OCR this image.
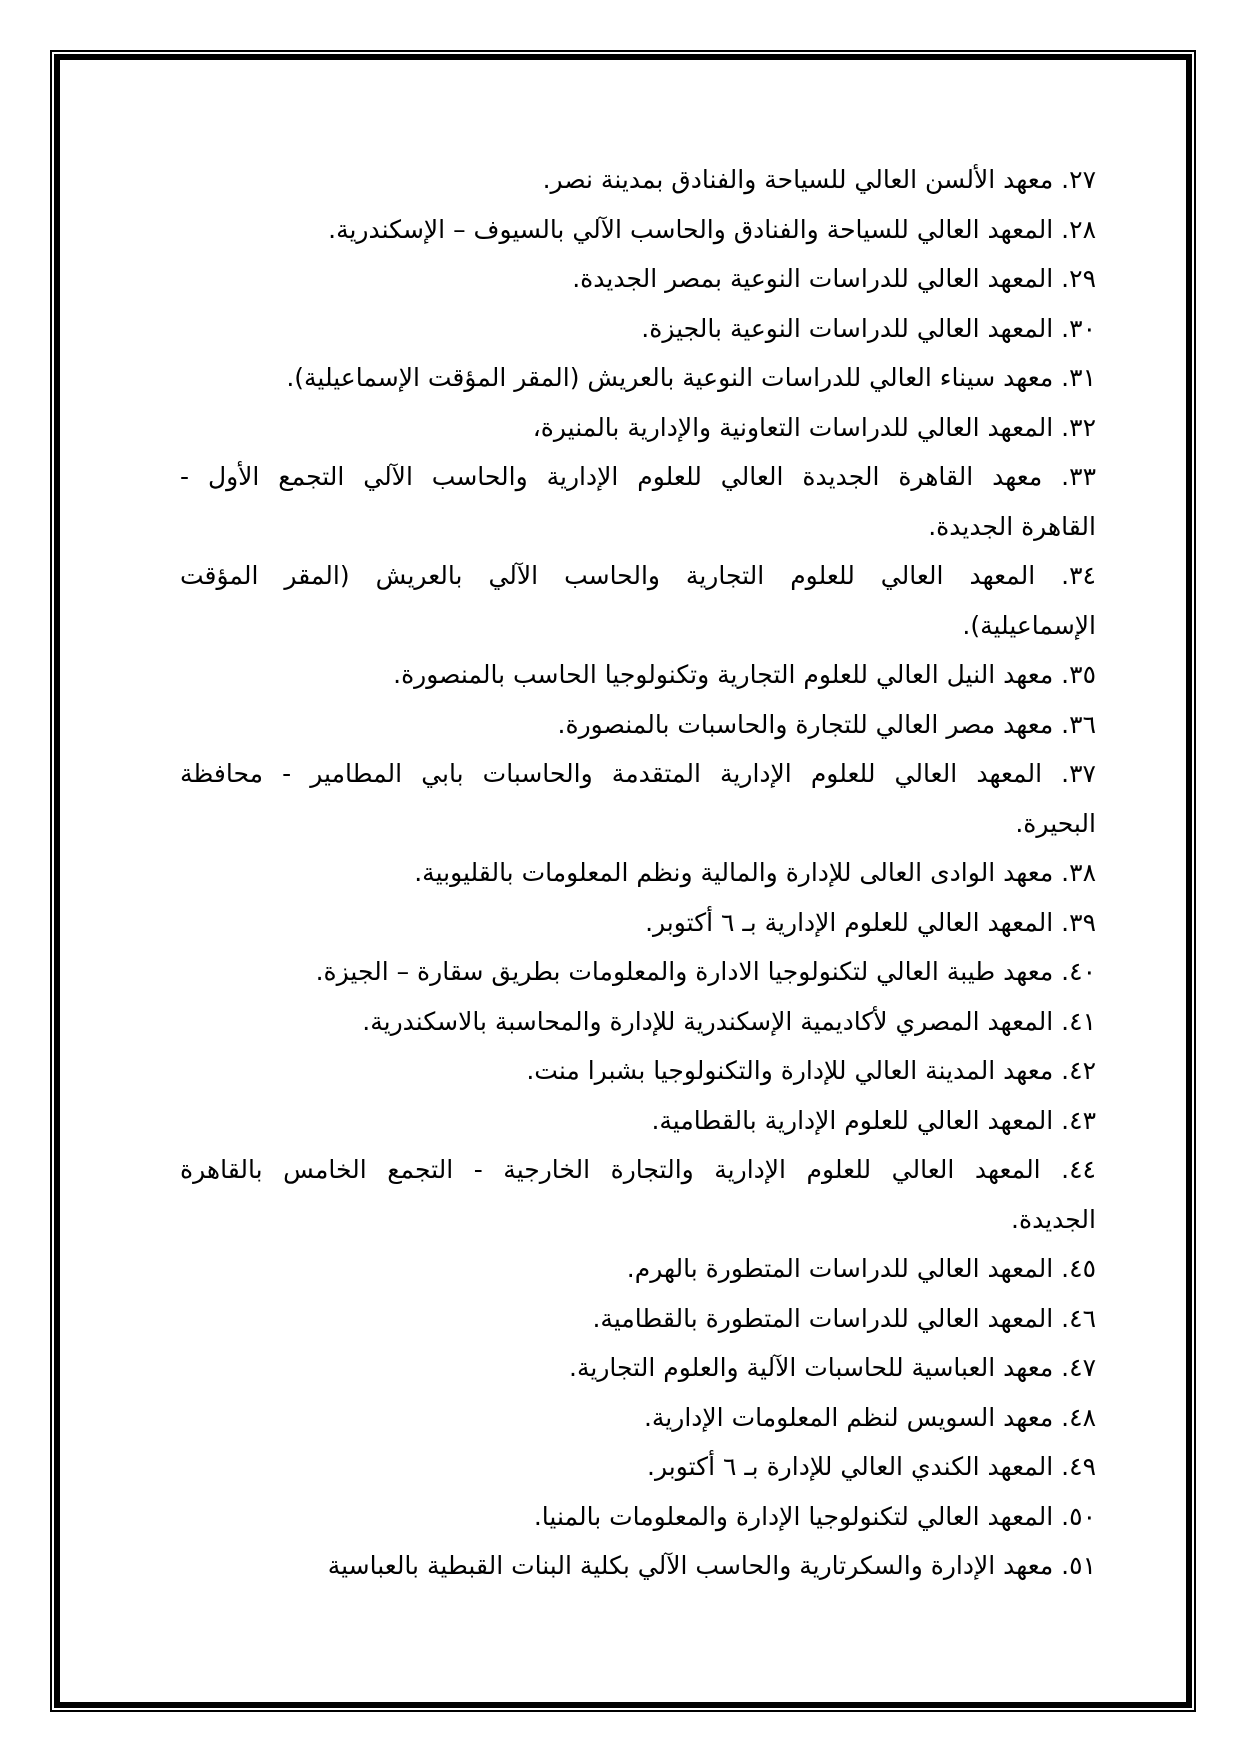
٢٧. معهد الألسن العالي للسياحة والفنادق بمدينة نصر.
٢٨. المعهد العالي للسياحة والفنادق والحاسب الآلي بالسيوف – الإسكندرية.
٢٩. المعهد العالي للدراسات النوعية بمصر الجديدة.
٣٠. المعهد العالي للدراسات النوعية بالجيزة.
٣١. معهد سيناء العالي للدراسات النوعية بالعريش (المقر المؤقت الإسماعيلية).
٣٢. المعهد العالي للدراسات التعاونية والإدارية بالمنيرة،
٣٣. معهد القاهرة الجديدة العالي للعلوم الإدارية والحاسب الآلي التجمع الأول -
القاهرة الجديدة.
٣٤. المعهد العالي للعلوم التجارية والحاسب الآلي بالعريش (المقر المؤقت
الإسماعيلية).
٣٥. معهد النيل العالي للعلوم التجارية وتكنولوجيا الحاسب بالمنصورة.
٣٦. معهد مصر العالي للتجارة والحاسبات بالمنصورة.
٣٧. المعهد العالي للعلوم الإدارية المتقدمة والحاسبات بابي المطامير - محافظة
البحيرة.
٣٨. معهد الوادى العالى للإدارة والمالية ونظم المعلومات بالقليوبية.
٣٩. المعهد العالي للعلوم الإدارية بـ ٦ أكتوبر.
٤٠. معهد طيبة العالي لتكنولوجيا الادارة والمعلومات بطريق سقارة – الجيزة.
٤١. المعهد المصري لأكاديمية الإسكندرية للإدارة والمحاسبة بالاسكندرية.
٤٢. معهد المدينة العالي للإدارة والتكنولوجيا بشبرا منت.
٤٣. المعهد العالي للعلوم الإدارية بالقطامية.
٤٤. المعهد العالي للعلوم الإدارية والتجارة الخارجية - التجمع الخامس بالقاهرة
الجديدة.
٤٥. المعهد العالي للدراسات المتطورة بالهرم.
٤٦. المعهد العالي للدراسات المتطورة بالقطامية.
٤٧. معهد العباسية للحاسبات الآلية والعلوم التجارية.
٤٨. معهد السويس لنظم المعلومات الإدارية.
٤٩. المعهد الكندي العالي للإدارة بـ ٦ أكتوبر.
٥٠. المعهد العالي لتكنولوجيا الإدارة والمعلومات بالمنيا.
٥١. معهد الإدارة والسكرتارية والحاسب الآلي بكلية البنات القبطية بالعباسية
